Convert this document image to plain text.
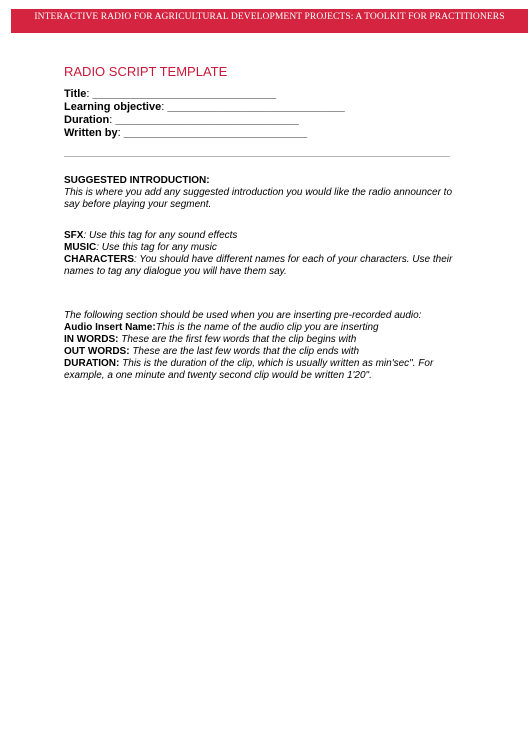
INTERACTIVE RADIO FOR AGRICULTURAL DEVELOPMENT PROJECTS: A TOOLKIT FOR PRACTITIONERS
RADIO SCRIPT TEMPLATE
Title: ______________________________
Learning objective: _____________________________
Duration: ______________________________
Written by: ______________________________
SUGGESTED INTRODUCTION:
This is where you add any suggested introduction you would like the radio announcer to say before playing your segment.
SFX: Use this tag for any sound effects
MUSIC: Use this tag for any music
CHARACTERS: You should have different names for each of your characters. Use their names to tag any dialogue you will have them say.
The following section should be used when you are inserting pre-recorded audio:
Audio Insert Name:This is the name of the audio clip you are inserting
IN WORDS: These are the first few words that the clip begins with
OUT WORDS: These are the last few words that the clip ends with
DURATION: This is the duration of the clip, which is usually written as min'sec". For example, a one minute and twenty second clip would be written 1'20".
